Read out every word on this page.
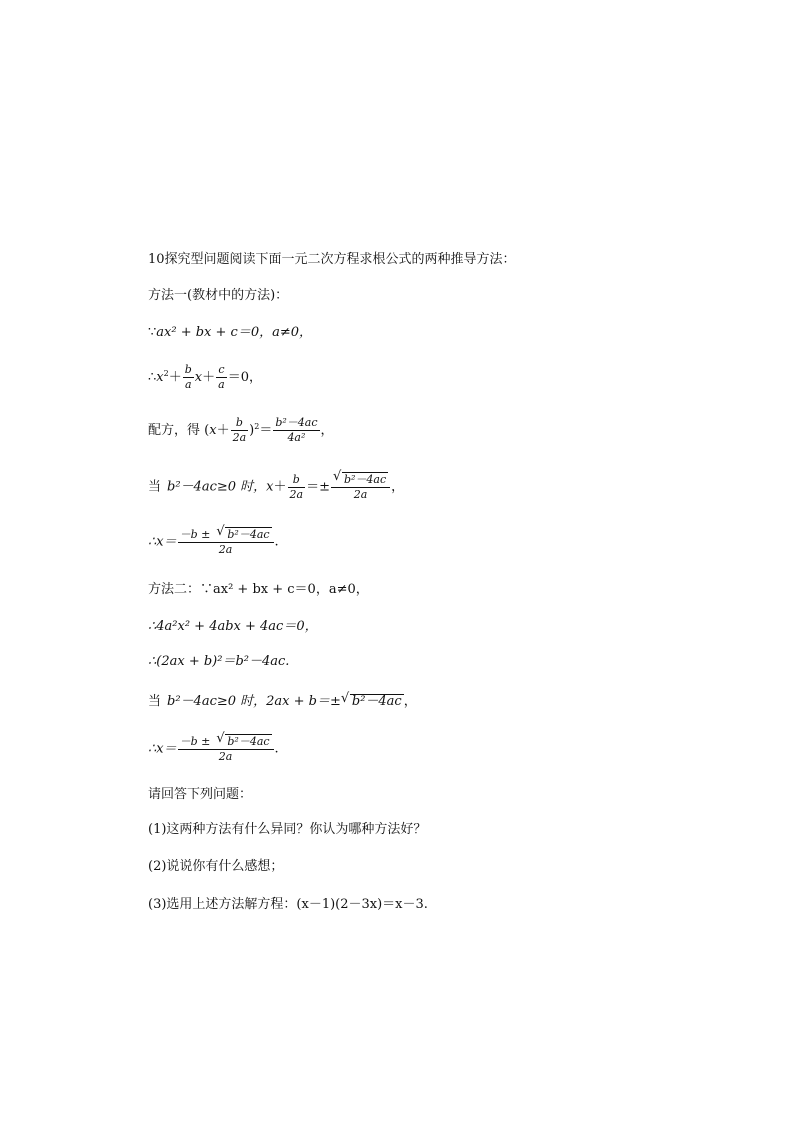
10探究型问题阅读下面一元二次方程求根公式的两种推导方法：
方法一(教材中的方法)：
∵ax² + bx + c＝0，a≠0，
$\therefore x^2+ \frac{b}{a} x+ \frac{c}{a} =0$，
配方，得 $(x+ \frac{b}{2a} )^2= \frac{\text{b²－4ac}}{\text{4a²}}$ ，
当 b²－4ac≥0 时，$x+ \frac{b}{2a} =\pm \frac{\text{√ b²－4ac}}{2a}$ ，
∴x＝ $\frac{\text{－b ± √ b²－4ac}}{2a}$ .
方法二：∵ax² + bx + c＝0，a≠0，
∴4a²x² + 4abx + 4ac＝0，
∴(2ax + b)²＝b²－4ac.
当 b²－4ac≥0 时，2ax + b＝± √ b²－4ac ，
∴x＝ $\frac{\text{－b ± √ b²－4ac}}{2a}$ .
请回答下列问题：
(1)这两种方法有什么异同？你认为哪种方法好？
(2)说说你有什么感想；
(3)选用上述方法解方程：(x－1)(2－3x)＝x－3.
